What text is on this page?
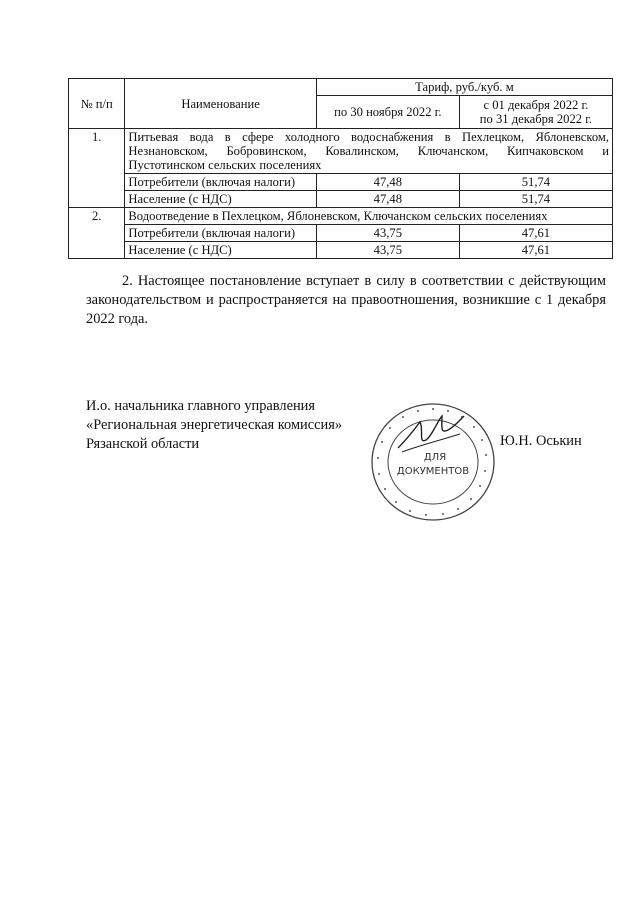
№ п/п	Наименование	Тариф, руб./куб. м	
		по 30 ноября 2022 г.	с 01 декабря 2022 г.
по 31 декабря 2022 г.

1.	Питьевая вода в сфере холодного водоснабжения в Пехлецком, Яблоневском, Незнановском, Бобровинском, Ковалинском, Ключанском, Кипчаковском и Пустотинском сельских поселениях		
	Потребители (включая налоги)	47,48	51,74
	Население (с НДС)	47,48	51,74
2.	Водоотведение в Пехлецком, Яблоневском, Ключанском сельских поселениях		
	Потребители (включая налоги)	43,75	47,61
	Население (с НДС)	43,75	47,61
2. Настоящее постановление вступает в силу в соответствии с действующим законодательством и распространяется на правоотношения, возникшие с 1 декабря 2022 года.
И.о. начальника главного управления
«Региональная энергетическая комиссия»
Рязанской области	Ю.Н. Оськин
ДЛЯ
ДОКУМЕНТОВ
